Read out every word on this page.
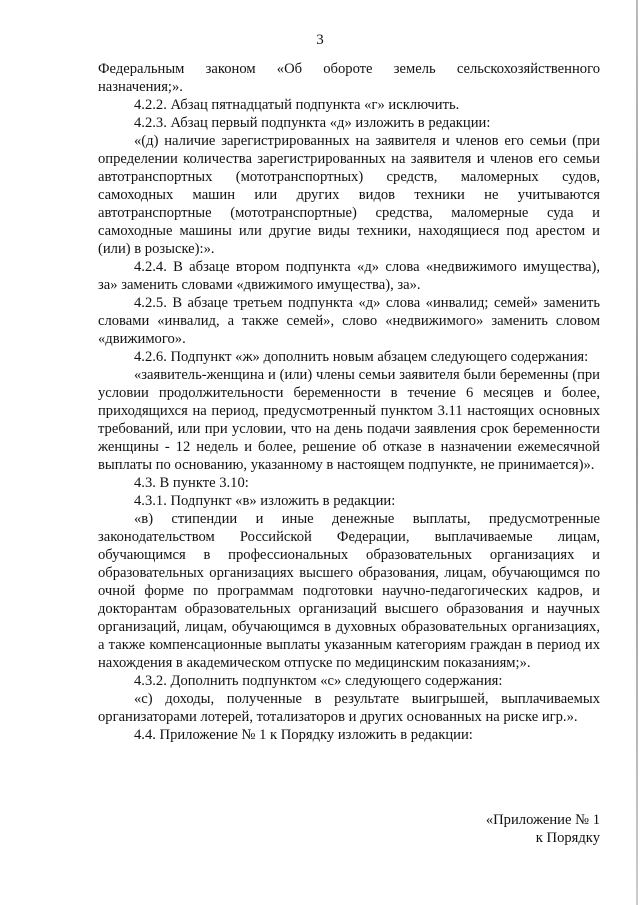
3

Федеральным законом «Об обороте земель сельскохозяйственного назначения;».

4.2.2. Абзац пятнадцатый подпункта «г» исключить.

4.2.3. Абзац первый подпункта «д» изложить в редакции:

«(д) наличие зарегистрированных на заявителя и членов его семьи (при определении количества зарегистрированных на заявителя и членов его семьи автотранспортных (мототранспортных) средств, маломерных судов, самоходных машин или других видов техники не учитываются автотранспортные (мототранспортные) средства, маломерные суда и самоходные машины или другие виды техники, находящиеся под арестом и (или) в розыске):».

4.2.4. В абзаце втором подпункта «д» слова «недвижимого имущества), за» заменить словами «движимого имущества), за».

4.2.5. В абзаце третьем подпункта «д» слова «инвалид; семей» заменить словами «инвалид, а также семей», слово «недвижимого» заменить словом «движимого».

4.2.6. Подпункт «ж» дополнить новым абзацем следующего содержания:

«заявитель-женщина и (или) члены семьи заявителя были беременны (при условии продолжительности беременности в течение 6 месяцев и более, приходящихся на период, предусмотренный пунктом 3.11 настоящих основных требований, или при условии, что на день подачи заявления срок беременности женщины - 12 недель и более, решение об отказе в назначении ежемесячной выплаты по основанию, указанному в настоящем подпункте, не принимается)».

4.3. В пункте 3.10:

4.3.1. Подпункт «в» изложить в редакции:

«в) стипендии и иные денежные выплаты, предусмотренные законодательством Российской Федерации, выплачиваемые лицам, обучающимся в профессиональных образовательных организациях и образовательных организациях высшего образования, лицам, обучающимся по очной форме по программам подготовки научно-педагогических кадров, и докторантам образовательных организаций высшего образования и научных организаций, лицам, обучающимся в духовных образовательных организациях, а также компенсационные выплаты указанным категориям граждан в период их нахождения в академическом отпуске по медицинским показаниям;».

4.3.2. Дополнить подпунктом «с» следующего содержания:

«с) доходы, полученные в результате выигрышей, выплачиваемых организаторами лотерей, тотализаторов и других основанных на риске игр.».

4.4. Приложение № 1 к Порядку изложить в редакции:

«Приложение № 1
к Порядку
